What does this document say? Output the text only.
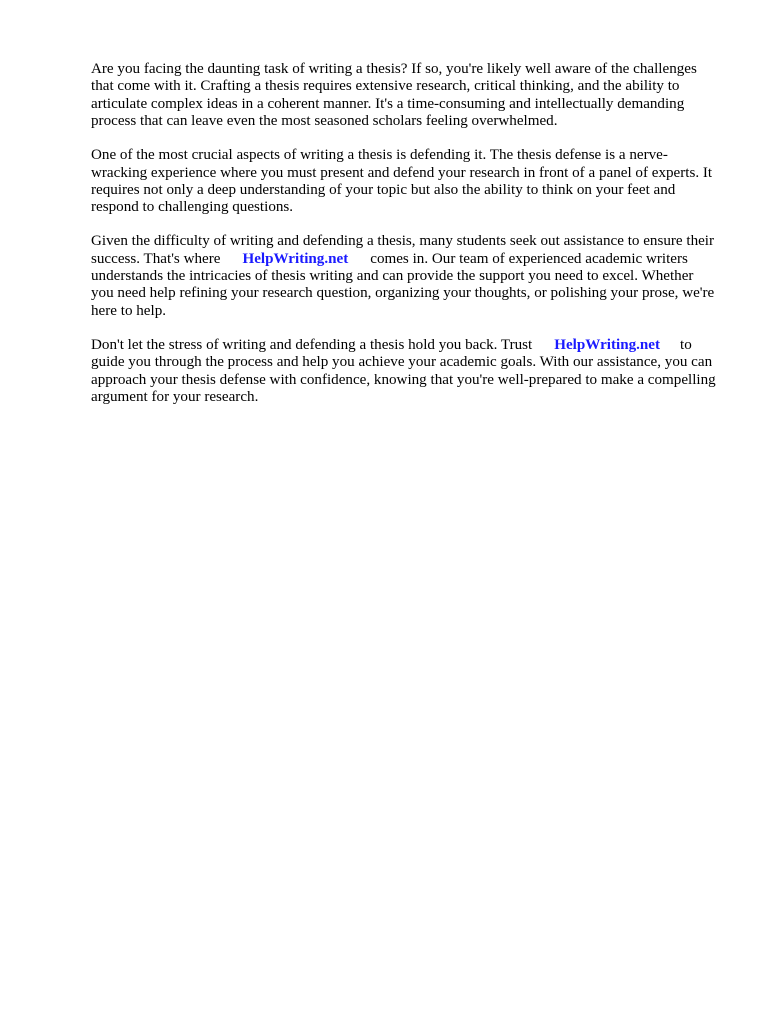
Are you facing the daunting task of writing a thesis? If so, you're likely well aware of the challenges that come with it. Crafting a thesis requires extensive research, critical thinking, and the ability to articulate complex ideas in a coherent manner. It's a time-consuming and intellectually demanding process that can leave even the most seasoned scholars feeling overwhelmed.

One of the most crucial aspects of writing a thesis is defending it. The thesis defense is a nerve-wracking experience where you must present and defend your research in front of a panel of experts. It requires not only a deep understanding of your topic but also the ability to think on your feet and respond to challenging questions.

Given the difficulty of writing and defending a thesis, many students seek out assistance to ensure their success. That's where HelpWriting.net comes in. Our team of experienced academic writers understands the intricacies of thesis writing and can provide the support you need to excel. Whether you need help refining your research question, organizing your thoughts, or polishing your prose, we're here to help.

Don't let the stress of writing and defending a thesis hold you back. Trust HelpWriting.net to guide you through the process and help you achieve your academic goals. With our assistance, you can approach your thesis defense with confidence, knowing that you're well-prepared to make a compelling argument for your research.
